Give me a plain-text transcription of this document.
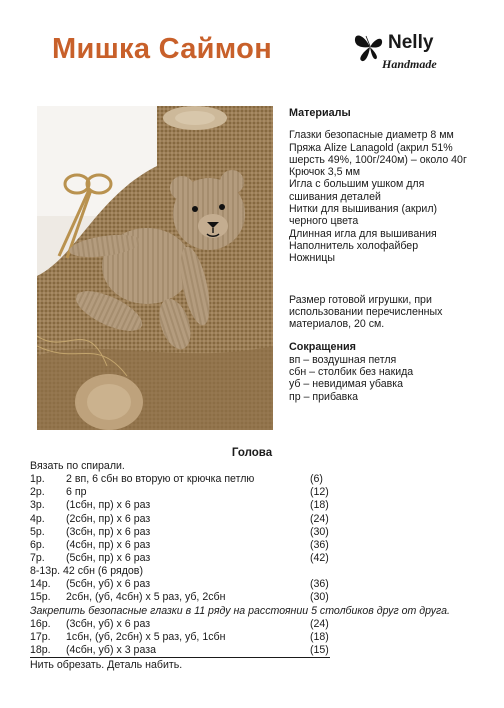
Мишка Саймон	Nelly
Handmade
Материалы
Глазки безопасные диаметр 8 мм
Пряжа Alize Lanagold (акрил 51%
шерсть 49%, 100г/240м) – около 40г
Крючок 3,5 мм
Игла с большим ушком для
сшивания деталей
Нитки для вышивания (акрил)
черного цвета
Длинная игла для вышивания
Наполнитель холофайбер
Ножницы
Размер готовой игрушки, при
использовании перечисленных
материалов, 20 см.
Сокращения
вп – воздушная петля
сбн – столбик без накида
уб – невидимая убавка
пр – прибавка
Голова
Вязать по спирали.
1р. 2 вп, 6 сбн во вторую от крючка петлю	(6)
2р. 6 пр	(12)
3р. (1сбн, пр) х 6 раз	(18)
4р. (2сбн, пр) х 6 раз	(24)
5р. (3сбн, пр) х 6 раз	(30)
6р. (4сбн, пр) х 6 раз	(36)
7р. (5сбн, пр) х 6 раз	(42)
8-13р. 42 сбн (6 рядов)
14р. (5сбн, уб) х 6 раз	(36)
15р. 2сбн, (уб, 4сбн) х 5 раз, уб, 2сбн	(30)

Закрепить безопасные глазки в 11 ряду на расстоянии 5 столбиков друг от друга.

16р. (3сбн, уб) х 6 раз	(24)
17р. 1сбн, (уб, 2сбн) х 5 раз, уб, 1сбн	(18)
18р. (4сбн, уб) х 3 раза	(15)
Нить обрезать. Деталь набить.
